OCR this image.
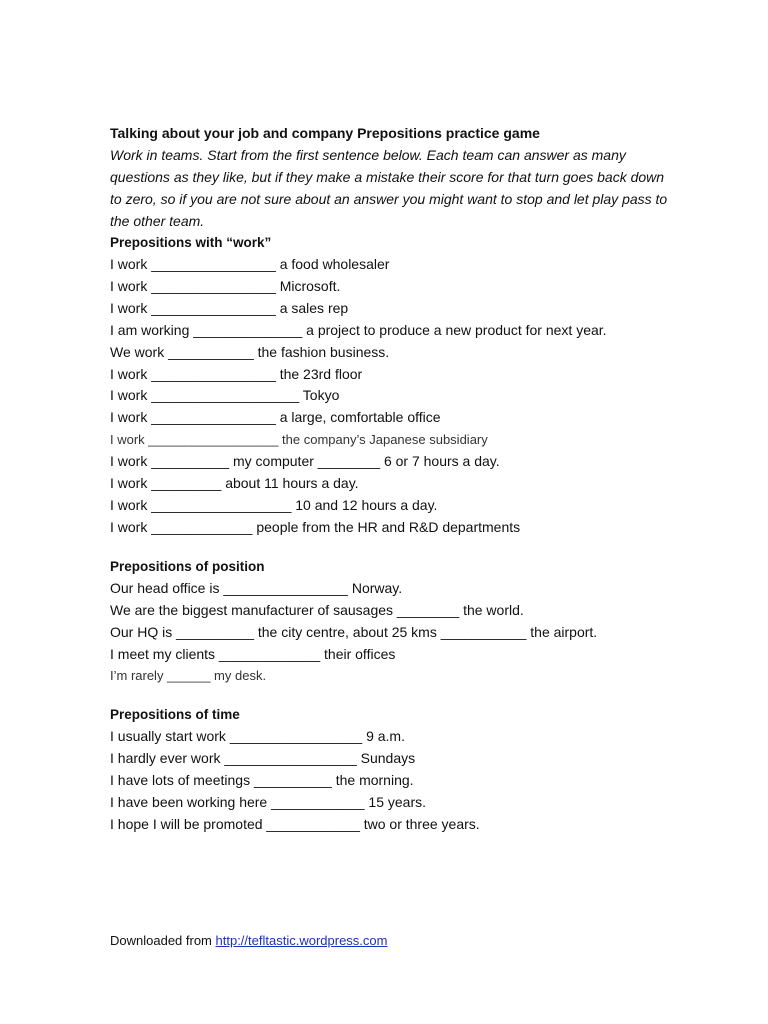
Talking about your job and company Prepositions practice game

Work in teams. Start from the first sentence below. Each team can answer as many questions as they like, but if they make a mistake their score for that turn goes back down to zero, so if you are not sure about an answer you might want to stop and let play pass to the other team.

Prepositions with “work”

I work ________________ a food wholesaler

I work ________________ Microsoft.

I work ________________ a sales rep

I am working ______________ a project to produce a new product for next year.

We work ___________ the fashion business.

I work ________________ the 23rd floor

I work ___________________ Tokyo

I work ________________ a large, comfortable office

I work __________________ the company’s Japanese subsidiary

I work __________ my computer ________ 6 or 7 hours a day.

I work _________ about 11 hours a day.

I work __________________ 10 and 12 hours a day.

I work _____________ people from the HR and R&D departments

Prepositions of position

Our head office is ________________ Norway.

We are the biggest manufacturer of sausages ________ the world.

Our HQ is __________ the city centre, about 25 kms ___________ the airport.

I meet my clients _____________ their offices

I’m rarely ______ my desk.

Prepositions of time

I usually start work _________________ 9 a.m.

I hardly ever work _________________ Sundays

I have lots of meetings __________ the morning.

I have been working here ____________ 15 years.

I hope I will be promoted ____________ two or three years.

Downloaded from http://tefltastic.wordpress.com
